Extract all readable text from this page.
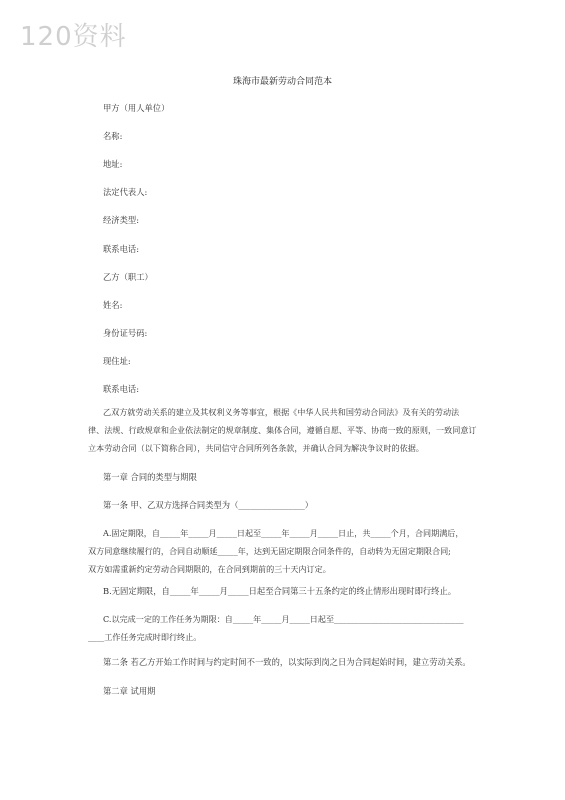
120资料
珠海市最新劳动合同范本
甲方（用人单位）
名称:
地址:
法定代表人:
经济类型:
联系电话:
乙方（职工）
姓名:
身份证号码:
现住址:
联系电话:
乙双方就劳动关系的建立及其权利义务等事宜，根据《中华人民共和国劳动合同法》及有关的劳动法
律、法规、行政规章和企业依法制定的规章制度、集体合同，遵循自愿、平等、协商一致的原则，一致同意订
立本劳动合同（以下简称合同），共同信守合同所列各条款，并确认合同为解决争议时的依据。
第一章 合同的类型与期限
第一条 甲、乙双方选择合同类型为（________________）
A.固定期限，自_____年_____月_____日起至_____年_____月_____日止，共_____个月，合同期满后，
双方同意继续履行的，合同自动顺延_____年，达到无固定期限合同条件的，自动转为无固定期限合同;
双方如需重新约定劳动合同期限的，在合同到期前的三十天内订定。
B.无固定期限，自_____年_____月_____日起至合同第三十五条约定的终止情形出现时即行终止。
C.以完成一定的工作任务为期限：自_____年_____月_____日起至________________________________
____工作任务完成时即行终止。
第二条 若乙方开始工作时间与约定时间不一致的，以实际到岗之日为合同起始时间，建立劳动关系。
第二章 试用期
